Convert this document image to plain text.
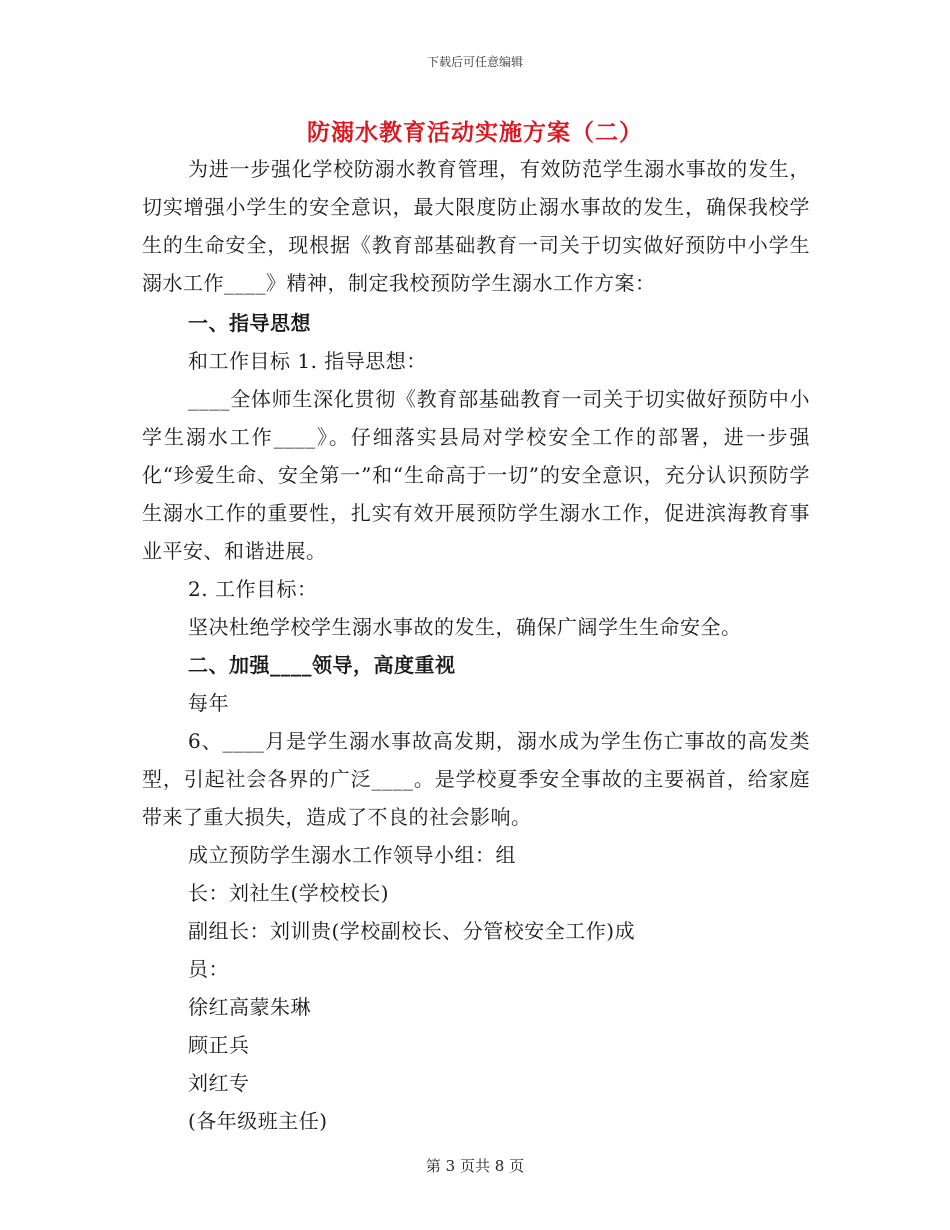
下载后可任意编辑
防溺水教育活动实施方案（二）

为进一步强化学校防溺水教育管理，有效防范学生溺水事故的发生，切实增强小学生的安全意识，最大限度防止溺水事故的发生，确保我校学生的生命安全，现根据《教育部基础教育一司关于切实做好预防中小学生溺水工作____》精神，制定我校预防学生溺水工作方案：

一、指导思想

和工作目标 1. 指导思想：

____全体师生深化贯彻《教育部基础教育一司关于切实做好预防中小学生溺水工作____》。仔细落实县局对学校安全工作的部署，进一步强化“珍爱生命、安全第一”和“生命高于一切”的安全意识，充分认识预防学生溺水工作的重要性，扎实有效开展预防学生溺水工作，促进滨海教育事业平安、和谐进展。

2. 工作目标：

坚决杜绝学校学生溺水事故的发生，确保广阔学生生命安全。

二、加强____领导，高度重视

每年

6、____月是学生溺水事故高发期，溺水成为学生伤亡事故的高发类型，引起社会各界的广泛____。是学校夏季安全事故的主要祸首，给家庭带来了重大损失，造成了不良的社会影响。

成立预防学生溺水工作领导小组：组

长：刘社生(学校校长)

副组长：刘训贵(学校副校长、分管校安全工作)成

员：

徐红高蒙朱琳

顾正兵

刘红专

(各年级班主任)

第 3 页共 8 页
